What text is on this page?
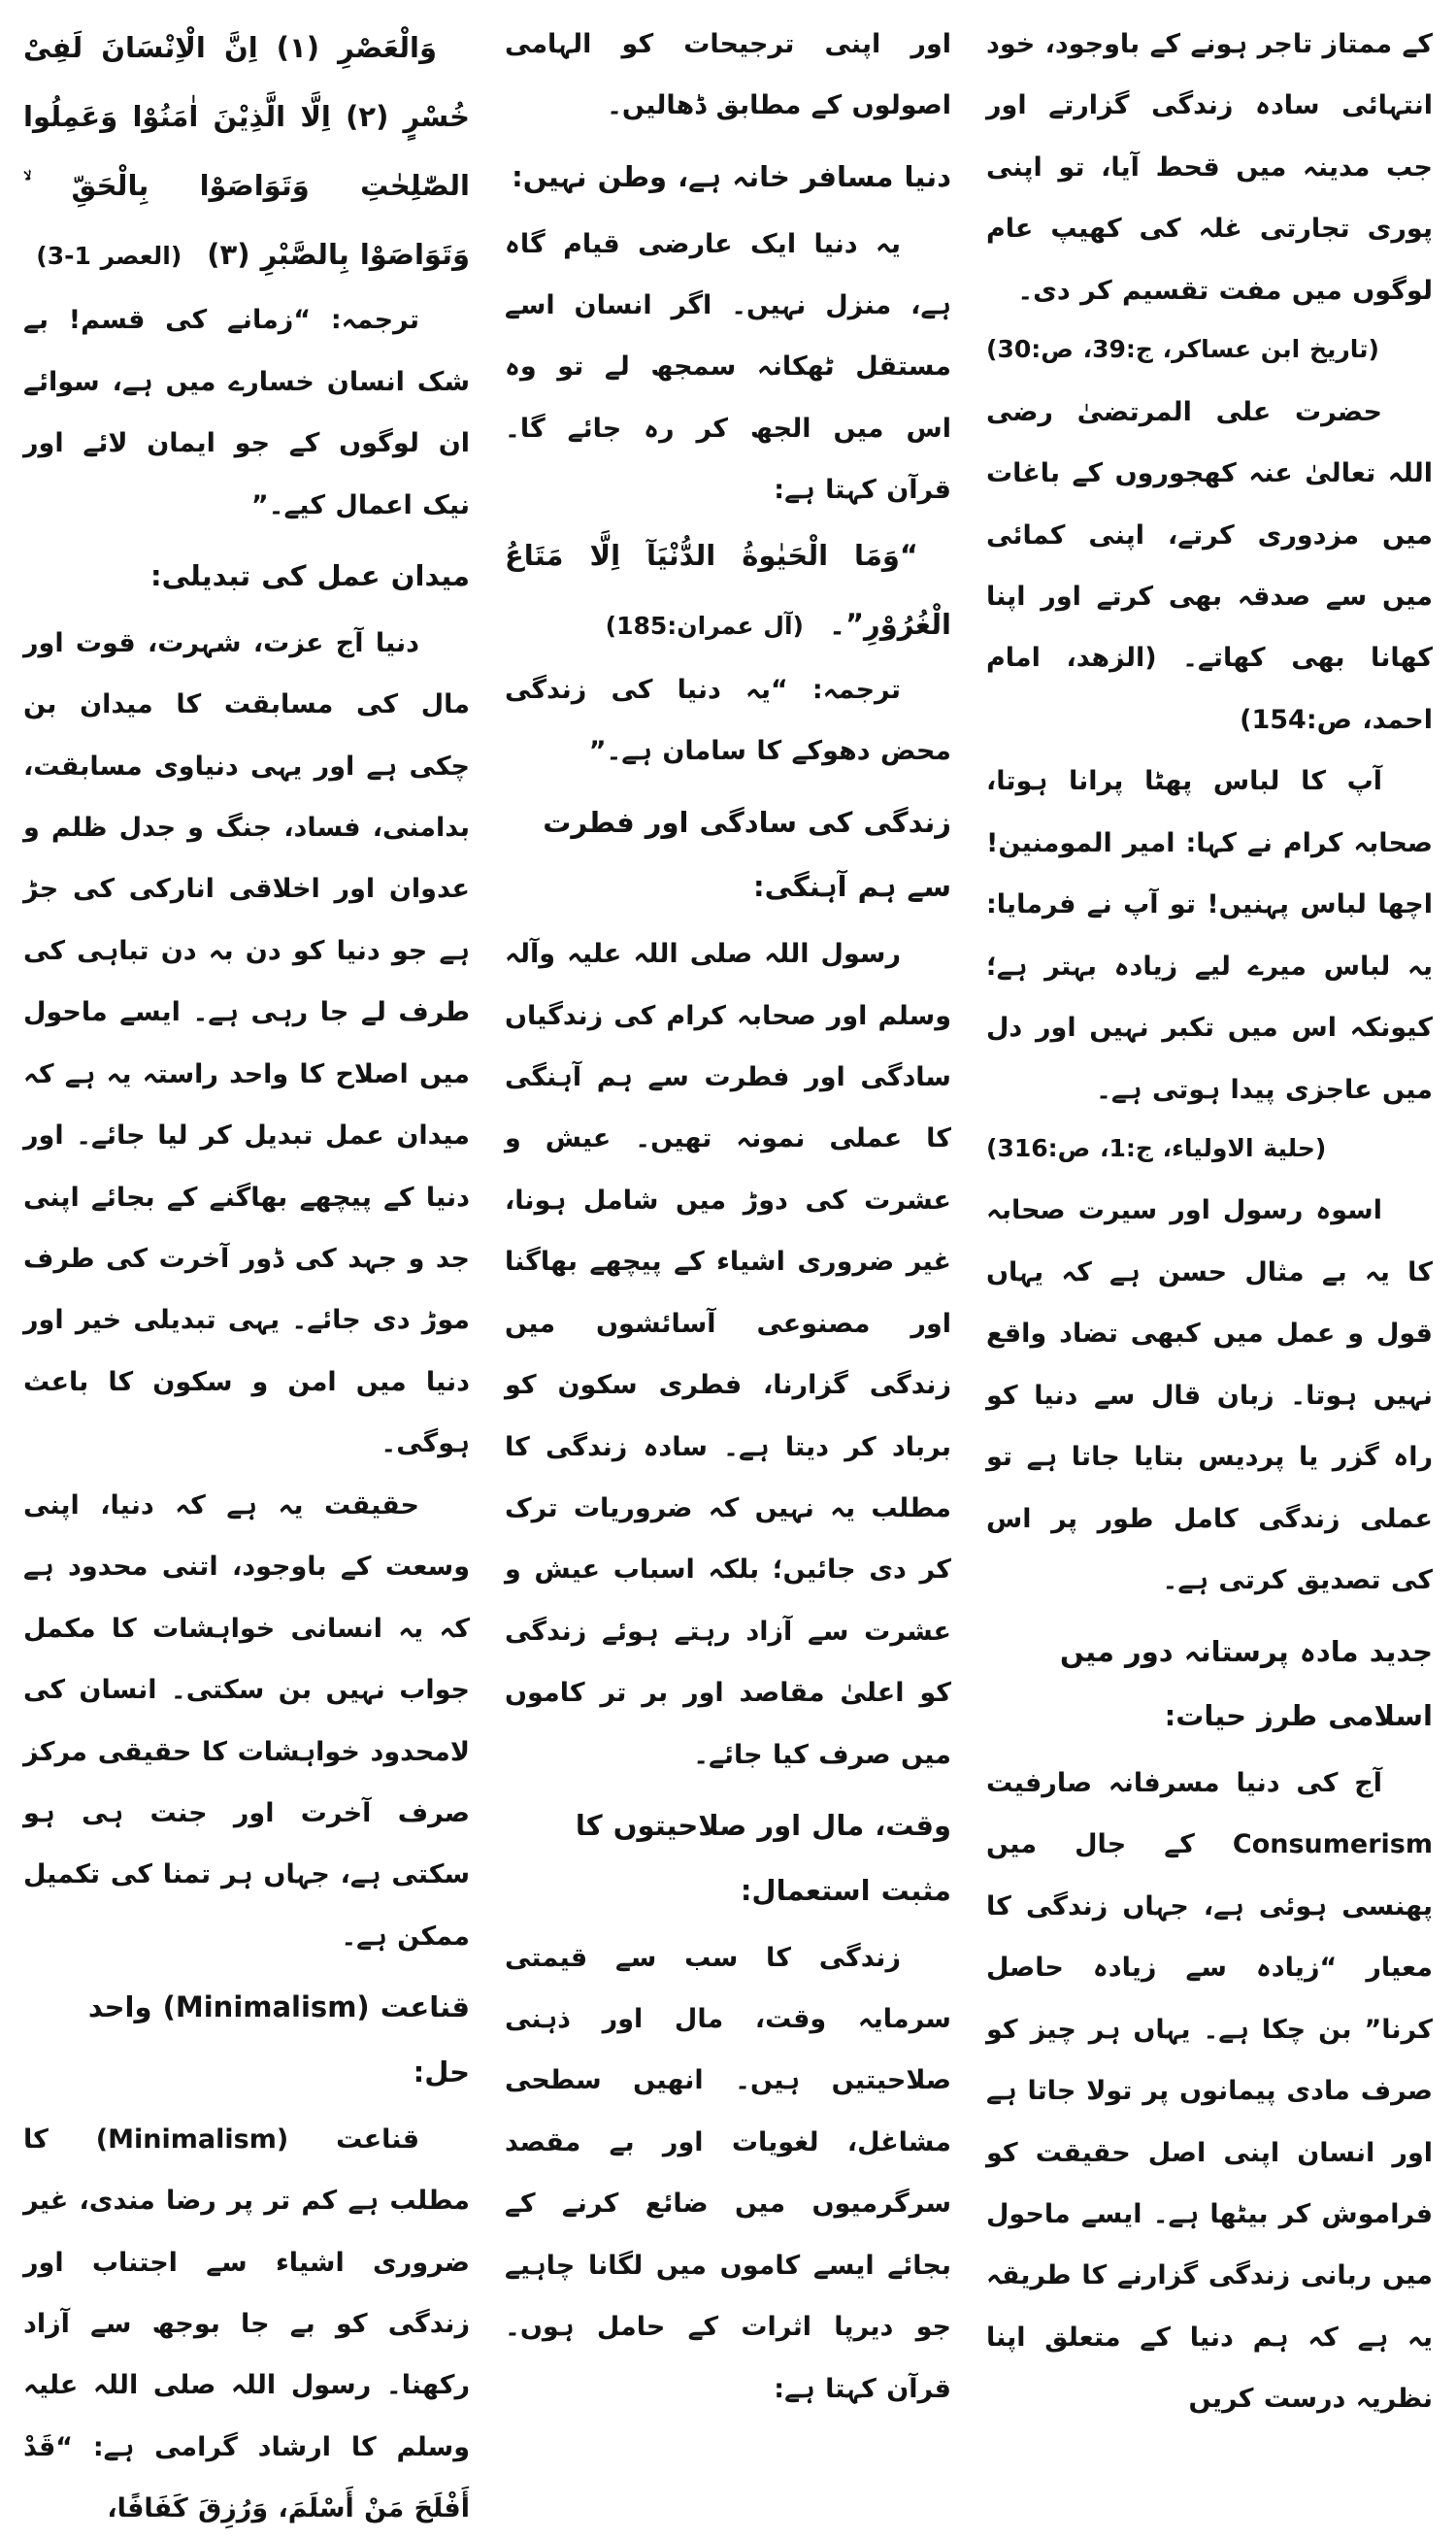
کے ممتاز تاجر ہونے کے باوجود، خود انتہائی سادہ زندگی گزارتے اور جب مدینہ میں قحط آیا، تو اپنی پوری تجارتی غلہ کی کھیپ عام لوگوں میں مفت تقسیم کر دی۔

(تاریخ ابن عساکر، ج:39، ص:30)

حضرت علی المرتضیٰ رضی اللہ تعالیٰ عنہ کھجوروں کے باغات میں مزدوری کرتے، اپنی کمائی میں سے صدقہ بھی کرتے اور اپنا کھانا بھی کھاتے۔ (الزهد، امام احمد، ص:154)

آپ کا لباس پھٹا پرانا ہوتا، صحابہ کرام نے کہا: امیر المومنین! اچھا لباس پہنیں! تو آپ نے فرمایا: یہ لباس میرے لیے زیادہ بہتر ہے؛ کیونکہ اس میں تکبر نہیں اور دل میں عاجزی پیدا ہوتی ہے۔

(حلیة الاولیاء، ج:1، ص:316)

اسوہ رسول اور سیرت صحابہ کا یہ بے مثال حسن ہے کہ یہاں قول و عمل میں کبھی تضاد واقع نہیں ہوتا۔ زبان قال سے دنیا کو راہ گزر یا پردیس بتایا جاتا ہے تو عملی زندگی کامل طور پر اس کی تصدیق کرتی ہے۔

جدید مادہ پرستانہ دور میں اسلامی طرز حیات:

آج کی دنیا مسرفانہ صارفیت Consumerism کے جال میں پھنسی ہوئی ہے، جہاں زندگی کا معیار “زیادہ سے زیادہ حاصل کرنا” بن چکا ہے۔ یہاں ہر چیز کو صرف مادی پیمانوں پر تولا جاتا ہے اور انسان اپنی اصل حقیقت کو فراموش کر بیٹھا ہے۔ ایسے ماحول میں ربانی زندگی گزارنے کا طریقہ یہ ہے کہ ہم دنیا کے متعلق اپنا نظریہ درست کریں

اور اپنی ترجیحات کو الہامی اصولوں کے مطابق ڈھالیں۔

دنیا مسافر خانہ ہے، وطن نہیں:

یہ دنیا ایک عارضی قیام گاہ ہے، منزل نہیں۔ اگر انسان اسے مستقل ٹھکانہ سمجھ لے تو وہ اس میں الجھ کر رہ جائے گا۔ قرآن کہتا ہے:

“وَمَا الْحَیٰوةُ الدُّنْیَآ اِلَّا مَتَاعُ الْغُرُوْرِ”۔(آل عمران:185)

ترجمہ: “یہ دنیا کی زندگی محض دھوکے کا سامان ہے۔”

زندگی کی سادگی اور فطرت سے ہم آہنگی:

رسول اللہ صلی اللہ علیہ وآلہ وسلم اور صحابہ کرام کی زندگیاں سادگی اور فطرت سے ہم آہنگی کا عملی نمونہ تھیں۔ عیش و عشرت کی دوڑ میں شامل ہونا، غیر ضروری اشیاء کے پیچھے بھاگنا اور مصنوعی آسائشوں میں زندگی گزارنا، فطری سکون کو برباد کر دیتا ہے۔ سادہ زندگی کا مطلب یہ نہیں کہ ضروریات ترک کر دی جائیں؛ بلکہ اسباب عیش و عشرت سے آزاد رہتے ہوئے زندگی کو اعلیٰ مقاصد اور بر تر کاموں میں صرف کیا جائے۔

وقت، مال اور صلاحیتوں کا مثبت استعمال:

زندگی کا سب سے قیمتی سرمایہ وقت، مال اور ذہنی صلاحیتیں ہیں۔ انھیں سطحی مشاغل، لغویات اور بے مقصد سرگرمیوں میں ضائع کرنے کے بجائے ایسے کاموں میں لگانا چاہیے جو دیرپا اثرات کے حامل ہوں۔ قرآن کہتا ہے:

وَالْعَصْرِ (۱) اِنَّ الْاِنْسَانَ لَفِیْ خُسْرٍ (۲) اِلَّا الَّذِیْنَ اٰمَنُوْا وَعَمِلُوا الصّٰلِحٰتِ وَتَوَاصَوْا بِالْحَقِّ ۙ وَتَوَاصَوْا بِالصَّبْرِ (۳)(العصر 1-3)

ترجمہ: “زمانے کی قسم! بے شک انسان خسارے میں ہے، سوائے ان لوگوں کے جو ایمان لائے اور نیک اعمال کیے۔”

میدان عمل کی تبدیلی:

دنیا آج عزت، شہرت، قوت اور مال کی مسابقت کا میدان بن چکی ہے اور یہی دنیاوی مسابقت، بدامنی، فساد، جنگ و جدل ظلم و عدوان اور اخلاقی انارکی کی جڑ ہے جو دنیا کو دن بہ دن تباہی کی طرف لے جا رہی ہے۔ ایسے ماحول میں اصلاح کا واحد راستہ یہ ہے کہ میدان عمل تبدیل کر لیا جائے۔ اور دنیا کے پیچھے بھاگنے کے بجائے اپنی جد و جہد کی ڈور آخرت کی طرف موڑ دی جائے۔ یہی تبدیلی خیر اور دنیا میں امن و سکون کا باعث ہوگی۔

حقیقت یہ ہے کہ دنیا، اپنی وسعت کے باوجود، اتنی محدود ہے کہ یہ انسانی خواہشات کا مکمل جواب نہیں بن سکتی۔ انسان کی لامحدود خواہشات کا حقیقی مرکز صرف آخرت اور جنت ہی ہو سکتی ہے، جہاں ہر تمنا کی تکمیل ممکن ہے۔

قناعت (Minimalism) واحد حل:

قناعت (Minimalism) کا مطلب ہے کم تر پر رضا مندی، غیر ضروری اشیاء سے اجتناب اور زندگی کو بے جا بوجھ سے آزاد رکھنا۔ رسول اللہ صلی اللہ علیہ وسلم کا ارشاد گرامی ہے: “قَدْ أَفْلَحَ مَنْ أَسْلَمَ، وَرُزِقَ كَفَافًا،
